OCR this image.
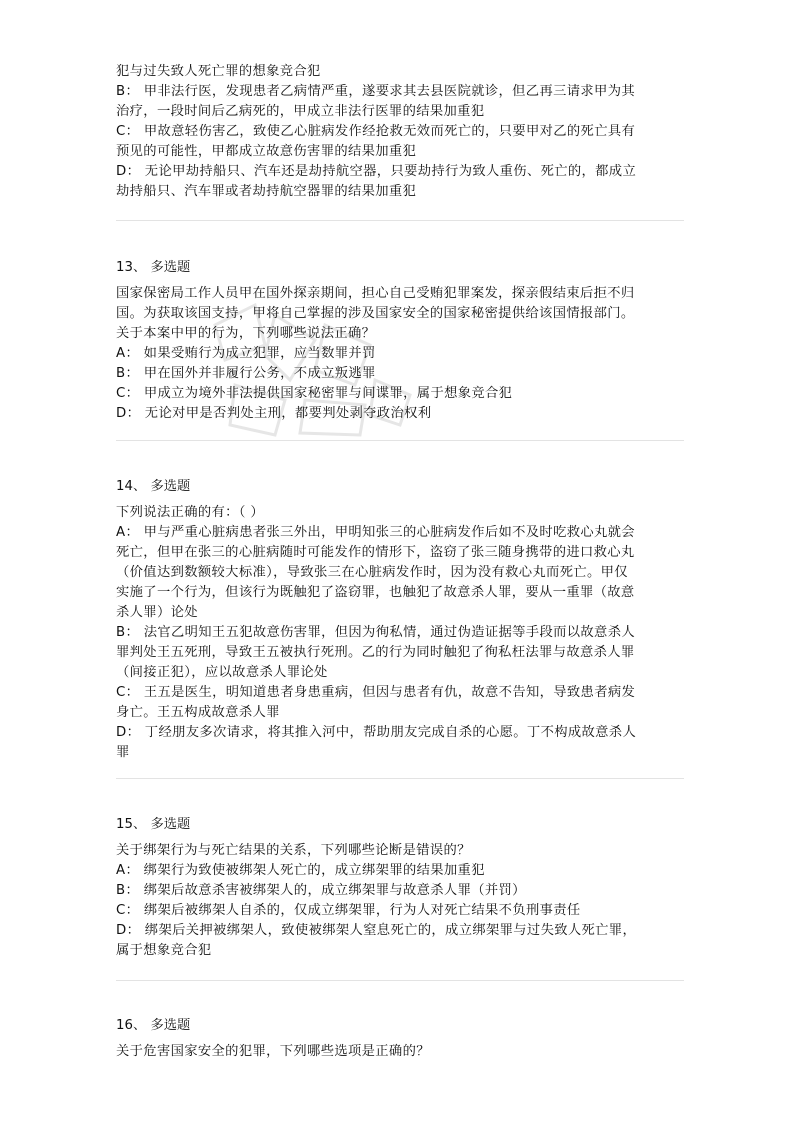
犯与过失致人死亡罪的想象竞合犯
B： 甲非法行医，发现患者乙病情严重，遂要求其去县医院就诊，但乙再三请求甲为其
治疗，一段时间后乙病死的，甲成立非法行医罪的结果加重犯
C： 甲故意轻伤害乙，致使乙心脏病发作经抢救无效而死亡的，只要甲对乙的死亡具有
预见的可能性，甲都成立故意伤害罪的结果加重犯
D： 无论甲劫持船只、汽车还是劫持航空器，只要劫持行为致人重伤、死亡的，都成立
劫持船只、汽车罪或者劫持航空器罪的结果加重犯
13、 多选题
国家保密局工作人员甲在国外探亲期间，担心自己受贿犯罪案发，探亲假结束后拒不归
国。为获取该国支持，甲将自己掌握的涉及国家安全的国家秘密提供给该国情报部门。
关于本案中甲的行为，下列哪些说法正确？
A： 如果受贿行为成立犯罪，应当数罪并罚
B： 甲在国外并非履行公务，不成立叛逃罪
C： 甲成立为境外非法提供国家秘密罪与间谍罪，属于想象竞合犯
D： 无论对甲是否判处主刑，都要判处剥夺政治权利
14、 多选题
下列说法正确的有：（ ）
A： 甲与严重心脏病患者张三外出，甲明知张三的心脏病发作后如不及时吃救心丸就会
死亡，但甲在张三的心脏病随时可能发作的情形下，盗窃了张三随身携带的进口救心丸
（价值达到数额较大标准），导致张三在心脏病发作时，因为没有救心丸而死亡。甲仅
实施了一个行为，但该行为既触犯了盗窃罪，也触犯了故意杀人罪，要从一重罪（故意
杀人罪）论处
B： 法官乙明知王五犯故意伤害罪，但因为徇私情，通过伪造证据等手段而以故意杀人
罪判处王五死刑，导致王五被执行死刑。乙的行为同时触犯了徇私枉法罪与故意杀人罪
（间接正犯），应以故意杀人罪论处
C： 王五是医生，明知道患者身患重病，但因与患者有仇，故意不告知，导致患者病发
身亡。王五构成故意杀人罪
D： 丁经朋友多次请求，将其推入河中，帮助朋友完成自杀的心愿。丁不构成故意杀人
罪
15、 多选题
关于绑架行为与死亡结果的关系，下列哪些论断是错误的？
A： 绑架行为致使被绑架人死亡的，成立绑架罪的结果加重犯
B： 绑架后故意杀害被绑架人的，成立绑架罪与故意杀人罪（并罚）
C： 绑架后被绑架人自杀的，仅成立绑架罪，行为人对死亡结果不负刑事责任
D： 绑架后关押被绑架人，致使被绑架人窒息死亡的，成立绑架罪与过失致人死亡罪，
属于想象竞合犯
16、 多选题
关于危害国家安全的犯罪，下列哪些选项是正确的？
